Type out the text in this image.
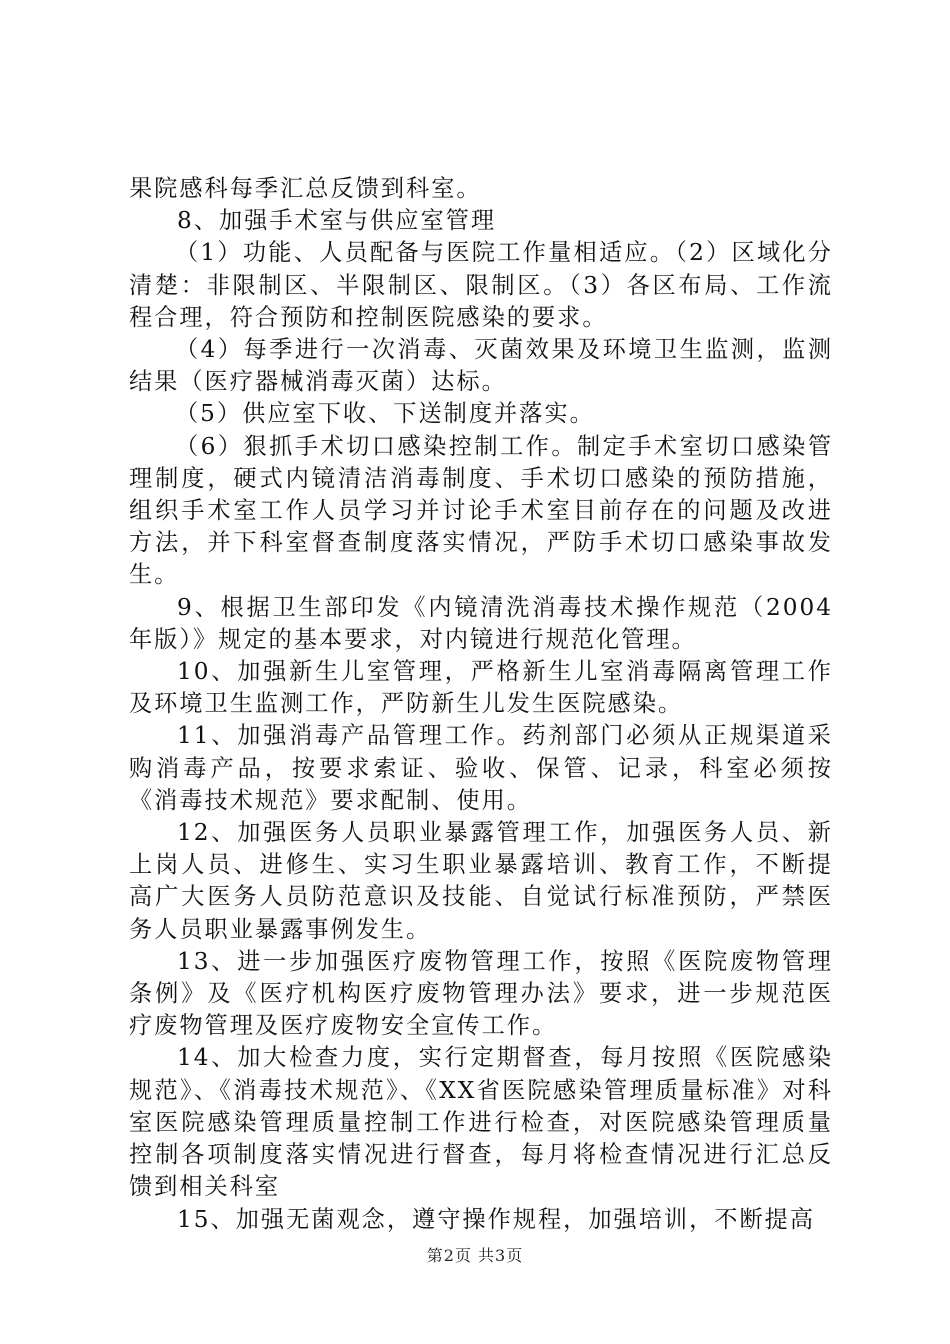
果院感科每季汇总反馈到科室。

8、加强手术室与供应室管理

（1）功能、人员配备与医院工作量相适应。（2）区域化分清楚：非限制区、半限制区、限制区。（3）各区布局、工作流程合理，符合预防和控制医院感染的要求。

（4）每季进行一次消毒、灭菌效果及环境卫生监测，监测结果（医疗器械消毒灭菌）达标。

（5）供应室下收、下送制度并落实。

（6）狠抓手术切口感染控制工作。制定手术室切口感染管理制度，硬式内镜清洁消毒制度、手术切口感染的预防措施，组织手术室工作人员学习并讨论手术室目前存在的问题及改进方法，并下科室督查制度落实情况，严防手术切口感染事故发生。

9、根据卫生部印发《内镜清洗消毒技术操作规范（2004年版）》规定的基本要求，对内镜进行规范化管理。

10、加强新生儿室管理，严格新生儿室消毒隔离管理工作及环境卫生监测工作，严防新生儿发生医院感染。

11、加强消毒产品管理工作。药剂部门必须从正规渠道采购消毒产品，按要求索证、验收、保管、记录，科室必须按《消毒技术规范》要求配制、使用。

12、加强医务人员职业暴露管理工作，加强医务人员、新上岗人员、进修生、实习生职业暴露培训、教育工作，不断提高广大医务人员防范意识及技能、自觉试行标准预防，严禁医务人员职业暴露事例发生。

13、进一步加强医疗废物管理工作，按照《医院废物管理条例》及《医疗机构医疗废物管理办法》要求，进一步规范医疗废物管理及医疗废物安全宣传工作。

14、加大检查力度，实行定期督查，每月按照《医院感染规范》、《消毒技术规范》、《XX省医院感染管理质量标准》对科室医院感染管理质量控制工作进行检查，对医院感染管理质量控制各项制度落实情况进行督查，每月将检查情况进行汇总反馈到相关科室

15、加强无菌观念，遵守操作规程，加强培训，不断提高

第2页 共3页
